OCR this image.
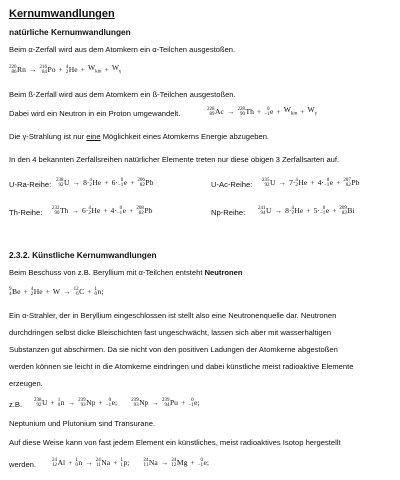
Kernumwandlungen
natürliche Kernumwandlungen
Beim α-Zerfall wird aus dem Atomkern ein α-Teilchen ausgestoßen.
220
86 Rn → 216
84 Po + 4
2 $He + W_{kin} + W_\gamma$
Beim ß-Zerfall wird aus dem Atomkern ein ß-Teilchen ausgestoßen.
Dabei wird ein Neutron in ein Proton umgewandelt.	228
89 Ac → 228
90 Th + 0
−1 $e + W_{kin} + W_\gamma$
Die γ-Strahlung ist nur eine Möglichkeit eines Atomkerns Energie abzugeben.
In den 4 bekannten Zerfallsreihen natürlicher Elemente treten nur diese obigen 3 Zerfallsarten auf.
U-Ra-Reihe: 238
92 U → 8· 4
2 He + 6· 0
−1 e + 206
82 Pb	U-Ac-Reihe: 235
92 U → 7· 4
2 He + 4· 0
−1 e + 207
82 Pb
Th-Reihe: 232
90 Th → 6· 4
2 He + 4· 0
−1 e + 208
82 Pb	Np-Reihe:	241
94 U → 8· 4
2 He + 5· 0
−1 e + 209
83 Bi
2.3.2. Künstliche Kernumwandlungen
Beim Beschuss von z.B. Beryllium mit α-Teilchen entsteht Neutronen
9
4 Be + 4
2 He + W → 12
6 C + 1
0 n ;
Ein α-Strahler, der in Beryllium eingeschlossen ist stellt also eine Neutronenquelle dar. Neutronen
durchdringen selbst dicke Bleischichten fast ungeschwächt, lassen sich aber mit wasserhaltigen
Substanzen gut abschirmen. Da sie nicht von den positiven Ladungen der Atomkerne abgestoßen
werden können sie leicht in die Atomkerne eindringen und dabei künstliche meist radioaktive Elemente
erzeugen.
z.B. 238
92 U + 1
0 n → 239
93 Np + 0
−1 e ;	239
93 Np → 239
94 Pu + 0
−1 e ;
Neptunium und Plutonium sind Transurane.
Auf diese Weise kann von fast jedem Element ein künstliches, meist radioaktives Isotop hergestellt
werden.	24
12 Al + 1
0 n → 24
11 Na + 1
1 p ;	24
11 Na → 24
12 Mg + 0
−1 e ;
